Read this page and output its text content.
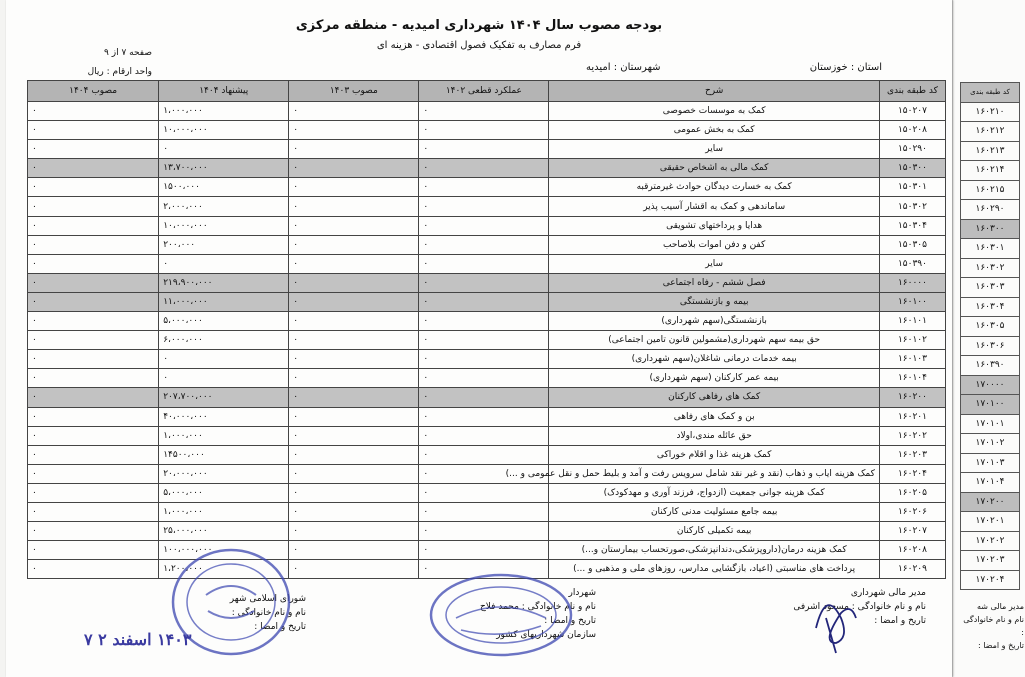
کد طبقه بندی
۱۶۰۲۱۰
۱۶۰۲۱۲
۱۶۰۲۱۳
۱۶۰۲۱۴
۱۶۰۲۱۵
۱۶۰۲۹۰
۱۶۰۳۰۰
۱۶۰۳۰۱
۱۶۰۳۰۲
۱۶۰۳۰۳
۱۶۰۳۰۴
۱۶۰۳۰۵
۱۶۰۳۰۶
۱۶۰۳۹۰
۱۷۰۰۰۰
۱۷۰۱۰۰
۱۷۰۱۰۱
۱۷۰۱۰۲
۱۷۰۱۰۳
۱۷۰۱۰۴
۱۷۰۲۰۰
۱۷۰۲۰۱
۱۷۰۲۰۲
۱۷۰۲۰۳
۱۷۰۲۰۴
مدیر مالی شه
نام و نام خانوادگی :
تاریخ و امضا :
بودجه مصوب سال ۱۴۰۴ شهرداری امیدیه - منطقه مرکزی
فرم مصارف به تفکیک فصول اقتصادی - هزینه ای
صفحه ۷ از ۹
واحد ارقام : ریال	استان : خوزستان
شهرستان : امیدیه
کد طبقه بندی	شرح	عملکرد قطعی ۱۴۰۲	مصوب ۱۴۰۳	پیشنهاد ۱۴۰۴	مصوب ۱۴۰۴
۱۵۰۲۰۷	کمک به موسسات خصوصی	۰	۰	۱،۰۰۰،۰۰۰	۰
۱۵۰۲۰۸	کمک به بخش عمومی	۰	۰	۱۰،۰۰۰،۰۰۰	۰
۱۵۰۲۹۰	سایر	۰	۰	۰	۰
۱۵۰۳۰۰	کمک مالی به اشخاص حقیقی	۰	۰	۱۳،۷۰۰،۰۰۰	۰
۱۵۰۳۰۱	کمک به خسارت دیدگان حوادث غیرمترقبه	۰	۰	۱۵۰۰،۰۰۰	۰
۱۵۰۳۰۲	ساماندهی و کمک به اقشار آسیب پذیر	۰	۰	۲،۰۰۰،۰۰۰	۰
۱۵۰۳۰۴	هدایا و پرداختهای تشویقی	۰	۰	۱۰،۰۰۰،۰۰۰	۰
۱۵۰۳۰۵	کفن و دفن اموات بلاصاحب	۰	۰	۲۰۰،۰۰۰	۰
۱۵۰۳۹۰	سایر	۰	۰	۰	۰
۱۶۰۰۰۰	فصل ششم - رفاه اجتماعی	۰	۰	۲۱۹،۹۰۰،۰۰۰	۰
۱۶۰۱۰۰	بیمه و بازنشستگی	۰	۰	۱۱،۰۰۰،۰۰۰	۰
۱۶۰۱۰۱	بازنشستگی(سهم شهرداری)	۰	۰	۵،۰۰۰،۰۰۰	۰
۱۶۰۱۰۲	حق بیمه سهم شهرداری(مشمولین قانون تامین اجتماعی)	۰	۰	۶،۰۰۰،۰۰۰	۰
۱۶۰۱۰۳	بیمه خدمات درمانی شاغلان(سهم شهرداری)	۰	۰	۰	۰
۱۶۰۱۰۴	بیمه عمر کارکنان (سهم شهرداری)	۰	۰	۰	۰
۱۶۰۲۰۰	کمک های رفاهی کارکنان	۰	۰	۲۰۷،۷۰۰،۰۰۰	۰
۱۶۰۲۰۱	بن و کمک های رفاهی	۰	۰	۴۰،۰۰۰،۰۰۰	۰
۱۶۰۲۰۲	حق عائله مندی،اولاد	۰	۰	۱،۰۰۰،۰۰۰	۰
۱۶۰۲۰۳	کمک هزینه غذا و اقلام خوراکی	۰	۰	۱۴۵۰۰،۰۰۰	۰
۱۶۰۲۰۴	کمک هزینه ایاب و ذهاب (نقد و غیر نقد شامل سرویس رفت و آمد و بلیط حمل و نقل عمومی و ...)	۰	۰	۲۰،۰۰۰،۰۰۰	۰
۱۶۰۲۰۵	کمک هزینه جوانی جمعیت (ازدواج، فرزند آوری و مهدکودک)	۰	۰	۵،۰۰۰،۰۰۰	۰
۱۶۰۲۰۶	بیمه جامع مسئولیت مدنی کارکنان	۰	۰	۱،۰۰۰،۰۰۰	۰
۱۶۰۲۰۷	بیمه تکمیلی کارکنان	۰	۰	۲۵،۰۰۰،۰۰۰	۰
۱۶۰۲۰۸	کمک هزینه درمان(داروپزشکی،دندانپزشکی،صورتحساب بیمارستان و...)	۰	۰	۱۰۰،۰۰۰،۰۰۰	۰
۱۶۰۲۰۹	پرداخت های مناسبتی (اعیاد، بازگشایی مدارس، روزهای ملی و مذهبی و ...)	۰	۰	۱،۲۰۰،۰۰۰	۰
مدیر مالی شهرداری
نام و نام خانوادگی : مسعود اشرفی
تاریخ و امضا :
شهردار
نام و نام خانوادگی : محمد فلاح
تاریخ و امضا :
سازمان شهرداریهای کشور
شورای اسلامی شهر
نام و نام خانوادگی :
تاریخ و امضا :
۱۴۰۳ اسفند ۲ ۷
